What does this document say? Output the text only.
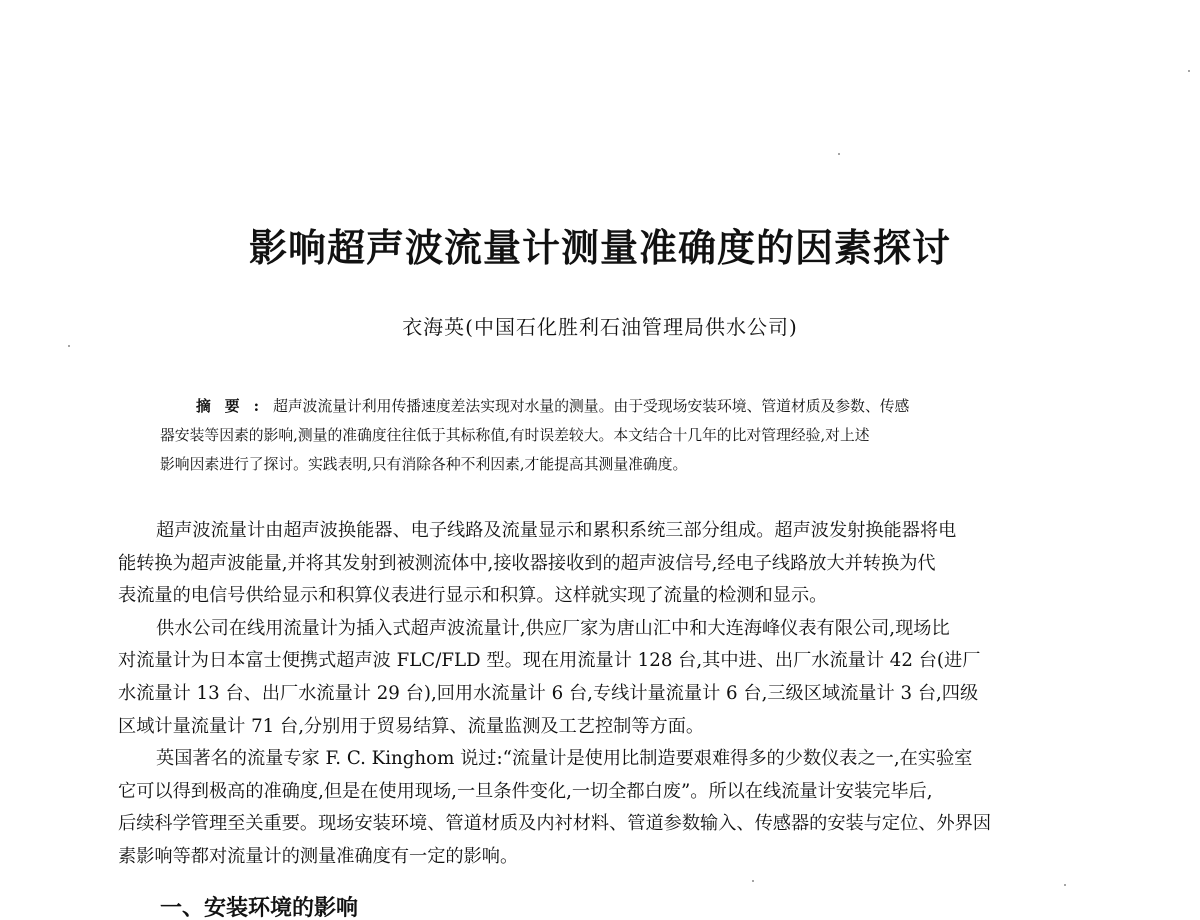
影响超声波流量计测量准确度的因素探讨
衣海英(中国石化胜利石油管理局供水公司)
摘要:超声波流量计利用传播速度差法实现对水量的测量。由于受现场安装环境、管道材质及参数、传感
器安装等因素的影响,测量的准确度往往低于其标称值,有时误差较大。本文结合十几年的比对管理经验,对上述
影响因素进行了探讨。实践表明,只有消除各种不利因素,才能提高其测量准确度。
超声波流量计由超声波换能器、电子线路及流量显示和累积系统三部分组成。超声波发射换能器将电
能转换为超声波能量,并将其发射到被测流体中,接收器接收到的超声波信号,经电子线路放大并转换为代
表流量的电信号供给显示和积算仪表进行显示和积算。这样就实现了流量的检测和显示。
供水公司在线用流量计为插入式超声波流量计,供应厂家为唐山汇中和大连海峰仪表有限公司,现场比
对流量计为日本富士便携式超声波 FLC/FLD 型。现在用流量计 128 台,其中进、出厂水流量计 42 台(进厂
水流量计 13 台、出厂水流量计 29 台),回用水流量计 6 台,专线计量流量计 6 台,三级区域流量计 3 台,四级
区域计量流量计 71 台,分别用于贸易结算、流量监测及工艺控制等方面。
英国著名的流量专家 F. C. Kinghom 说过:“流量计是使用比制造要艰难得多的少数仪表之一,在实验室
它可以得到极高的准确度,但是在使用现场,一旦条件变化,一切全都白废”。所以在线流量计安装完毕后,
后续科学管理至关重要。现场安装环境、管道材质及内衬材料、管道参数输入、传感器的安装与定位、外界因
素影响等都对流量计的测量准确度有一定的影响。
一、安装环境的影响
